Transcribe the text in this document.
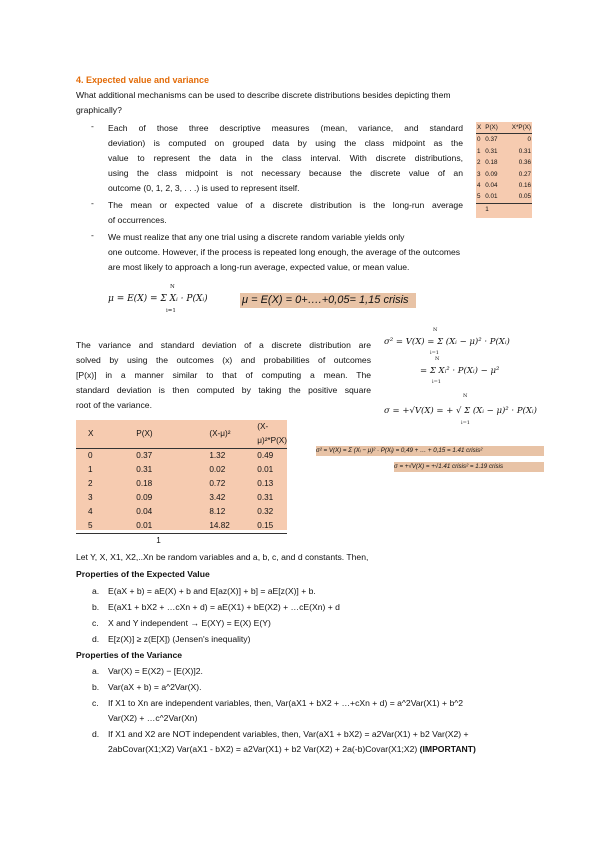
4. Expected value and variance
What additional mechanisms can be used to describe discrete distributions besides depicting them
graphically?
- Each of those three descriptive measures (mean, variance, and standard
deviation) is computed on grouped data by using the class midpoint as the
value to represent the data in the class interval. With discrete distributions,
using the class midpoint is not necessary because the discrete value of an
outcome (0, 1, 2, 3, . . .) is used to represent itself.
- The mean or expected value of a discrete distribution is the long-run average
of occurrences.
- We must realize that any one trial using a discrete random variable yields only
one outcome. However, if the process is repeated long enough, the average of the outcomes
are most likely to approach a long-run average, expected value, or mean value.
X	P(X)	X*P(X)
0	0.37	0
1	0.31	0.31
2	0.18	0.36
3	0.09	0.27
4	0.04	0.16
5	0.01	0.05
	1	
μ = E(X) = Σ Xᵢ · P(Xᵢ)
N
i=1
μ = E(X) = 0+….+0,05= 1,15 crisis
The variance and standard deviation of a discrete distribution are
solved by using the outcomes (x) and probabilities of outcomes
[P(x)] in a manner similar to that of computing a mean. The
standard deviation is then computed by taking the positive square
root of the variance.
σ² = V(X) = Σ (Xᵢ − μ)² · P(Xᵢ)
N
i=1
= Σ Xᵢ² · P(Xᵢ) − μ²
N
i=1
σ = +√V(X) = + √ Σ (Xᵢ − μ)² · P(Xᵢ)
N
i=1
σ² = V(X) = Σ (Xᵢ − μ)² · P(Xᵢ) = 0,49 + … + 0,15 = 1.41 crisis²
σ = +√V(X) = +√1.41 crisis² = 1.19 crisis
X	P(X)	(X-μ)²	(X-μ)²*P(X)
0	0.37	1.32	0.49
1	0.31	0.02	0.01
2	0.18	0.72	0.13
3	0.09	3.42	0.31
4	0.04	8.12	0.32
5	0.01	14.82	0.15
	1		
Let Y, X, X1, X2,..Xn be random variables and a, b, c, and d constants. Then,
Properties of the Expected Value
a. E(aX + b) = aE(X) + b and E[az(X)] + b] = aE[z(X)] + b.
b. E(aX1 + bX2 + …cXn + d) = aE(X1) + bE(X2) + …cE(Xn) + d
c. X and Y independent → E(XY) = E(X) E(Y)
d. E[z(X)] ≥ z(E[X]) (Jensen's inequality)
Properties of the Variance
a. Var(X) = E(X2) − [E(X)]2.
b. Var(aX + b) = a^2Var(X).
c. If X1 to Xn are independent variables, then, Var(aX1 + bX2 + …+cXn + d) = a^2Var(X1) + b^2
Var(X2) + …c^2Var(Xn)
d. If X1 and X2 are NOT independent variables, then, Var(aX1 + bX2) = a2Var(X1) + b2 Var(X2) +
2abCovar(X1;X2) Var(aX1 - bX2) = a2Var(X1) + b2 Var(X2) + 2a(-b)Covar(X1;X2) (IMPORTANT)
